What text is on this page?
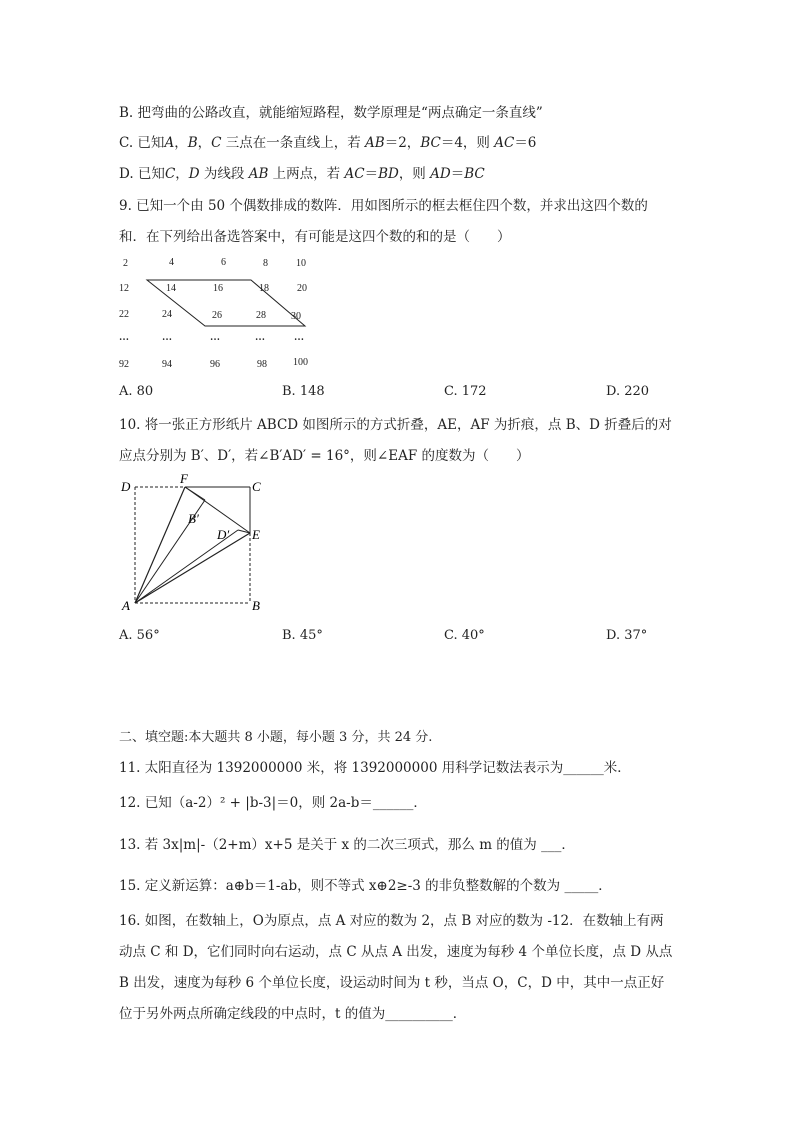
B. 把弯曲的公路改直，就能缩短路程，数学原理是“两点确定一条直线”
C. 已知A，B，C 三点在一条直线上，若 AB＝2，BC＝4，则 AC＝6
D. 已知C，D 为线段 AB 上两点，若 AC＝BD，则 AD＝BC
9. 已知一个由 50 个偶数排成的数阵．用如图所示的框去框住四个数，并求出这四个数的
和．在下列给出备选答案中，有可能是这四个数的和的是（　　）
2	4	6	8	10
12	14	16	18	20
22	24	26	28	30
…	…	…	…	…
92	94	96	98	100
A. 80	B. 148	C. 172	D. 220
10. 将一张正方形纸片 ABCD 如图所示的方式折叠，AE，AF 为折痕，点 B、D 折叠后的对
应点分别为 B′、D′，若∠B′AD′ = 16°，则∠EAF 的度数为（　　）
D
F
C
B′
D′ E
A	B
A. 56°	B. 45°	C. 40°	D. 37°
二、填空题:本大题共 8 小题，每小题 3 分，共 24 分.
11. 太阳直径为 1392000000 米，将 1392000000 用科学记数法表示为______米．
12. 已知（a-2）² + |b-3|＝0，则 2a-b＝______．
13. 若 3x|m|-（2+m）x+5 是关于 x 的二次三项式，那么 m 的值为 ___．
15. 定义新运算：a⊕b＝1-ab，则不等式 x⊕2≥-3 的非负整数解的个数为 _____．
16. 如图，在数轴上，O为原点，点 A 对应的数为 2，点 B 对应的数为 -12．在数轴上有两
动点 C 和 D，它们同时向右运动，点 C 从点 A 出发，速度为每秒 4 个单位长度，点 D 从点
B 出发，速度为每秒 6 个单位长度，设运动时间为 t 秒，当点 O，C，D 中，其中一点正好
位于另外两点所确定线段的中点时，t 的值为__________．
